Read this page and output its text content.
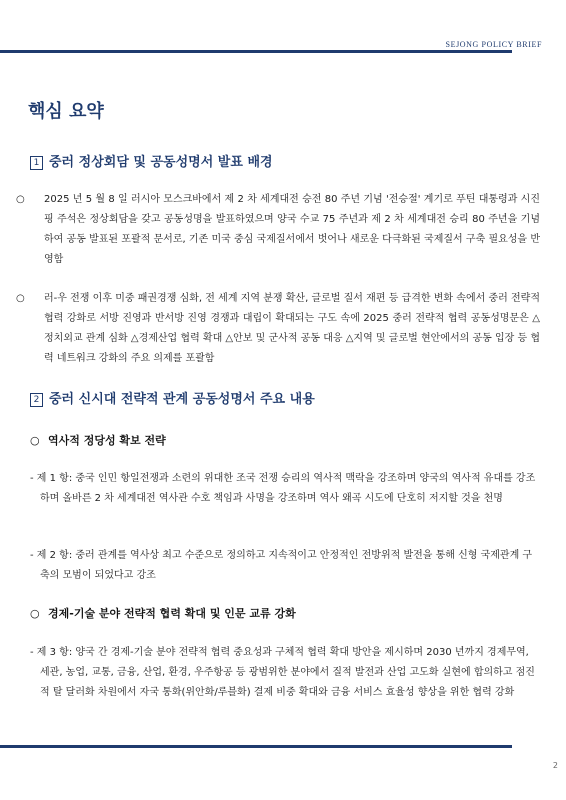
SEJONG POLICY BRIEF
핵심 요약
1 중러 정상회담 및 공동성명서 발표 배경

○ 2025 년 5 월 8 일 러시아 모스크바에서 제 2 차 세계대전 승전 80 주년 기념 '전승절' 계기로 푸틴 대통령과 시진핑 주석은 정상회담을 갖고 공동성명을 발표하였으며 양국 수교 75 주년과 제 2 차 세계대전 승리 80 주년을 기념하여 공동 발표된 포괄적 문서로, 기존 미국 중심 국제질서에서 벗어나 새로운 다극화된 국제질서 구축 필요성을 반영함

○ 러-우 전쟁 이후 미중 패권경쟁 심화, 전 세계 지역 분쟁 확산, 글로벌 질서 재편 등 급격한 변화 속에서 중러 전략적 협력 강화로 서방 진영과 반서방 진영 경쟁과 대립이 확대되는 구도 속에 2025 중러 전략적 협력 공동성명문은 △정치외교 관계 심화 △경제산업 협력 확대 △안보 및 군사적 공동 대응 △지역 및 글로벌 현안에서의 공동 입장 등 협력 네트워크 강화의 주요 의제를 포괄함

2 중러 신시대 전략적 관계 공동성명서 주요 내용
○ 역사적 정당성 확보 전략

- 제 1 항: 중국 인민 항일전쟁과 소련의 위대한 조국 전쟁 승리의 역사적 맥락을 강조하며 양국의 역사적 유대를 강조하며 올바른 2 차 세계대전 역사관 수호 책임과 사명을 강조하며 역사 왜곡 시도에 단호히 저지할 것을 천명

- 제 2 항: 중러 관계를 역사상 최고 수준으로 정의하고 지속적이고 안정적인 전방위적 발전을 통해 신형 국제관계 구축의 모범이 되었다고 강조

○ 경제-기술 분야 전략적 협력 확대 및 인문 교류 강화

- 제 3 항: 양국 간 경제-기술 분야 전략적 협력 중요성과 구체적 협력 확대 방안을 제시하며 2030 년까지 경제무역, 세관, 농업, 교통, 금융, 산업, 환경, 우주항공 등 광범위한 분야에서 질적 발전과 산업 고도화 실현에 합의하고 점진적 탈 달러화 차원에서 자국 통화(위안화/루블화) 결제 비중 확대와 금융 서비스 효율성 향상을 위한 협력 강화

2
